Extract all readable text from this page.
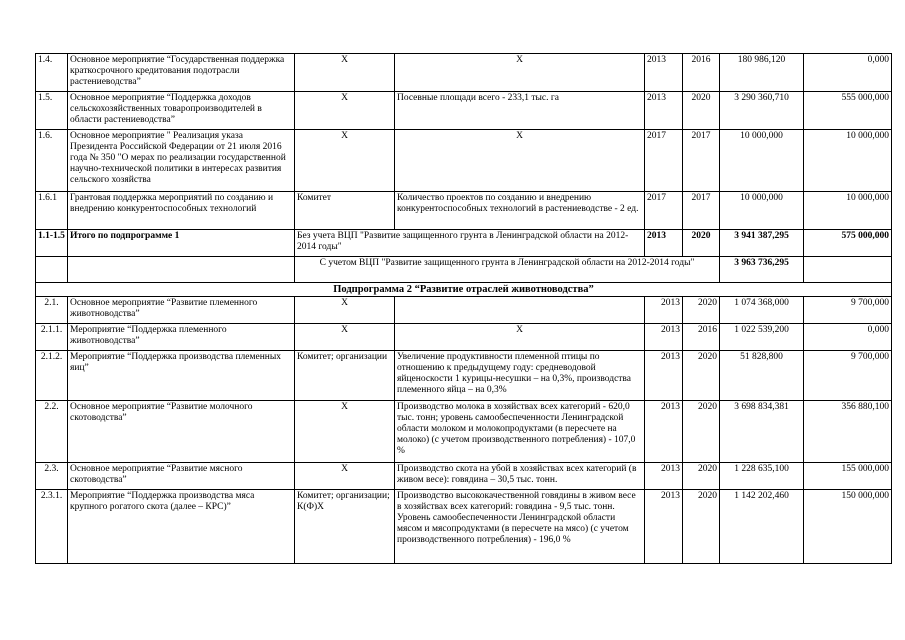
1.4.	Основное мероприятие “Государственная поддержка краткосрочного кредитования подотрасли растениеводства”	Х	Х	2013	2016	180 986,120	0,000
1.5.	Основное мероприятие “Поддержка доходов сельскохозяйственных товаропроизводителей в области растениеводства”	Х	Посевные площади всего - 233,1 тыс. га	2013	2020	3 290 360,710	555 000,000
1.6.	Основное мероприятие " Реализация указа Президента Российской Федерации от 21 июля 2016 года № 350 "О мерах по реализации государственной научно-технической политики в интересах развития сельского хозяйства	Х	Х	2017	2017	10 000,000	10 000,000
1.6.1	Грантовая поддержка мероприятий по созданию и внедрению конкурентоспособных технологий	Комитет	Количество проектов по созданию и внедрению конкурентоспособных технологий в растениеводстве - 2 ед.	2017	2017	10 000,000	10 000,000
1.1-1.5	Итого по подпрограмме 1	Без учета ВЦП "Развитие защищенного грунта в Ленинградской области на 2012-2014 годы"		2013	2020	3 941 387,295	575 000,000
		С учетом ВЦП "Развитие защищенного грунта в Ленинградской области на 2012-2014 годы"				3 963 736,295	
Подпрограмма 2 “Развитие отраслей животноводства”							
2.1.	Основное мероприятие “Развитие племенного животноводства”	Х		2013	2020	1 074 368,000	9 700,000
2.1.1.	Мероприятие “Поддержка племенного животноводства”	Х	Х	2013	2016	1 022 539,200	0,000
2.1.2.	Мероприятие “Поддержка производства племенных яиц”	Комитет; организации	Увеличение продуктивности племенной птицы по отношению к предыдущему году: средневодовой яйценоскости 1 курицы-несушки – на 0,3%, производства племенного яйца – на 0,3%	2013	2020	51 828,800	9 700,000
2.2.	Основное мероприятие “Развитие молочного скотоводства”	Х	Производство молока в хозяйствах всех категорий - 620,0 тыс. тонн; уровень самообеспеченности Ленинградской области молоком и молокопродуктами (в пересчете на молоко) (с учетом производственного потребления) - 107,0 %	2013	2020	3 698 834,381	356 880,100
2.3.	Основное мероприятие “Развитие мясного скотоводства”	Х	Производство скота на убой в хозяйствах всех категорий (в живом весе): говядина – 30,5 тыс. тонн.	2013	2020	1 228 635,100	155 000,000
2.3.1.	Мероприятие “Поддержка производства мяса крупного рогатого скота (далее – КРС)”	Комитет; организации; К(Ф)Х	Производство высококачественной говядины в живом весе в хозяйствах всех категорий: говядина - 9,5 тыс. тонн. Уровень самообеспеченности Ленинградской области мясом и мясопродуктами (в пересчете на мясо) (с учетом производственного потребления) - 196,0 %	2013	2020	1 142 202,460	150 000,000
